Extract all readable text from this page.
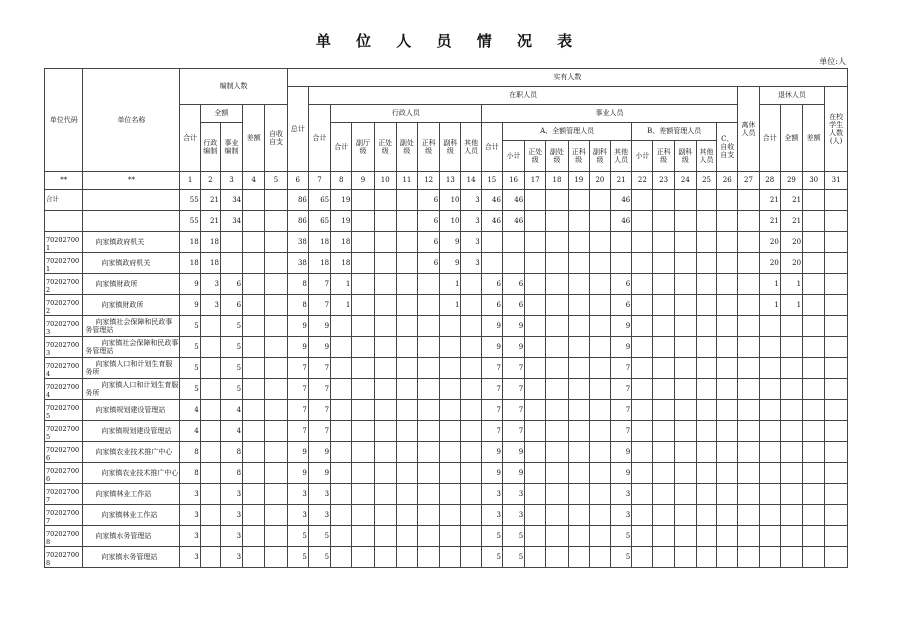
单 位 人 员 情 况 表
单位:人
单位代码	单位名称	编制人数					实有人数																									
							总计	在职人员																				离休人员	退休人员			在校学生人数(人)
		合计	全额		差额	自收自支		合计	行政人员							事业人员													合计	全额	差额	
			行政编制	事业编制					合计	副厅级	正处级	副处级	正科级	副科级	其他人员	合计	A、全额管理人员						B、差额管理人员				C、自收自支					
																	小计	正处级	副处级	正科级	副科级	其他人员	小计	正科级	副科级	其他人员						
**	**	1	2	3	4	5	6	7	8	9	10	11	12	13	14	15	16	17	18	19	20	21	22	23	24	25	26	27	28	29	30	31
合计		55	21	34			86	65	19				6	10	3	46	46					46							21	21		
		55	21	34			86	65	19				6	10	3	46	46					46							21	21		
702027001	向家镇政府机关	18	18				38	18	18				6	9	3														20	20		
702027001	向家镇政府机关	18	18				38	18	18				6	9	3														20	20		
702027002	向家镇财政所	9	3	6			8	7	1					1		6	6					6							1	1		
702027002	向家镇财政所	9	3	6			8	7	1					1		6	6					6							1	1		
702027003	向家镇社会保障和民政事务管理站	5		5			9	9								9	9					9										
702027003	向家镇社会保障和民政事务管理站	5		5			9	9								9	9					9										
702027004	向家镇人口和计划生育服务所	5		5			7	7								7	7					7										
702027004	向家镇人口和计划生育服务所	5		5			7	7								7	7					7										
702027005	向家镇规划建设管理站	4		4			7	7								7	7					7										
702027005	向家镇规划建设管理站	4		4			7	7								7	7					7										
702027006	向家镇农业技术推广中心	8		8			9	9								9	9					9										
702027006	向家镇农业技术推广中心	8		8			9	9								9	9					9										
702027007	向家镇林业工作站	3		3			3	3								3	3					3										
702027007	向家镇林业工作站	3		3			3	3								3	3					3										
702027008	向家镇水务管理站	3		3			5	5								5	5					5										
702027008	向家镇水务管理站	3		3			5	5								5	5					5										
